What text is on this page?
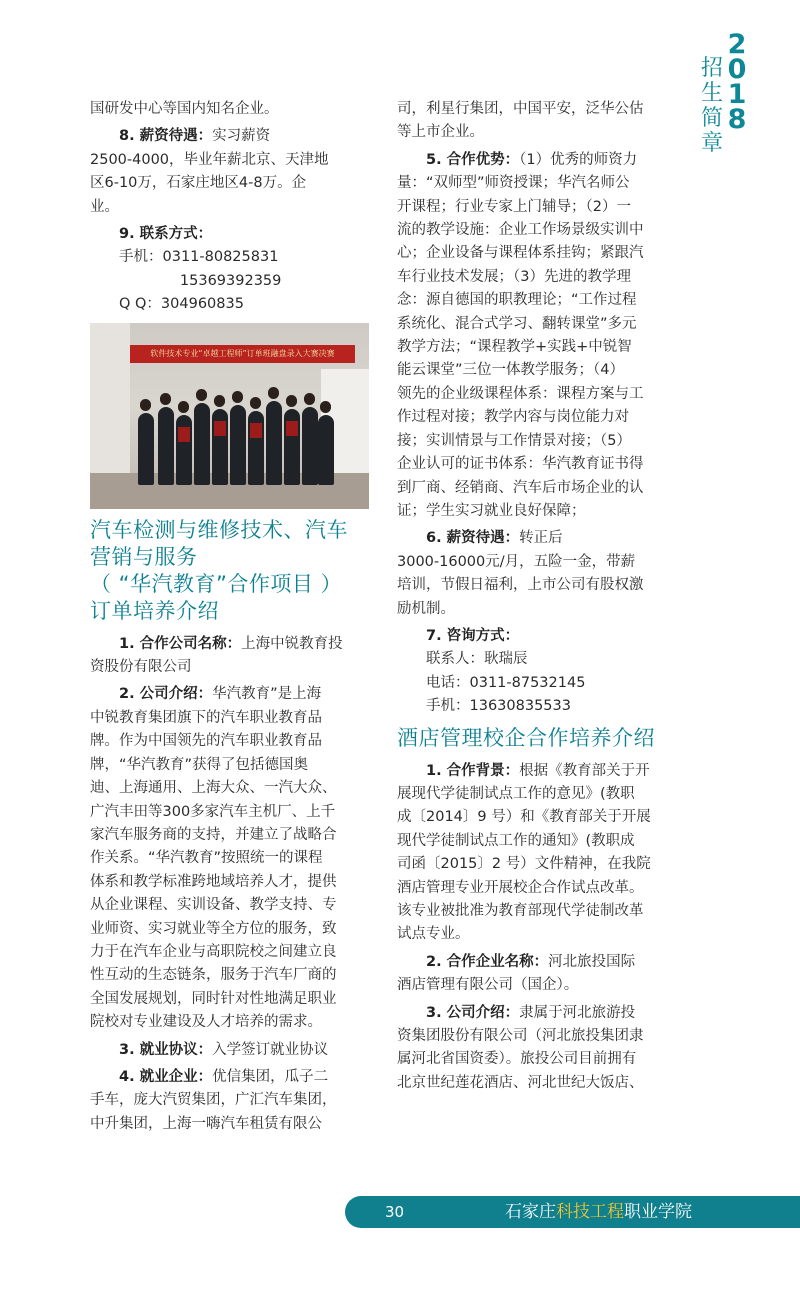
2
0
1
8
招
生
简
章

国研发中心等国内知名企业。

8. 薪资待遇：实习薪资
2500-4000，毕业年薪北京、天津地
区6-10万，石家庄地区4-8万。企
业。

9. 联系方式：
手机：0311-80825831
15369392359
Q Q：304960835

软件技术专业“卓越工程师”订单班融盘录入大赛决赛
汽车检测与维修技术、汽车
营销与服务
（ “华汽教育”合作项目 ）
订单培养介绍

1. 合作公司名称：上海中锐教育投
资股份有限公司

2. 公司介绍：华汽教育”是上海
中锐教育集团旗下的汽车职业教育品
牌。作为中国领先的汽车职业教育品
牌，“华汽教育”获得了包括德国奥
迪、上海通用、上海大众、一汽大众、
广汽丰田等300多家汽车主机厂、上千
家汽车服务商的支持，并建立了战略合
作关系。“华汽教育”按照统一的课程
体系和教学标准跨地域培养人才，提供
从企业课程、实训设备、教学支持、专
业师资、实习就业等全方位的服务，致
力于在汽车企业与高职院校之间建立良
性互动的生态链条，服务于汽车厂商的
全国发展规划，同时针对性地满足职业
院校对专业建设及人才培养的需求。

3. 就业协议：入学签订就业协议

4. 就业企业：优信集团，瓜子二
手车，庞大汽贸集团，广汇汽车集团，
中升集团，上海一嗨汽车租赁有限公

司，利星行集团，中国平安，泛华公估
等上市企业。

5. 合作优势：（1）优秀的师资力
量：“双师型”师资授课；华汽名师公
开课程；行业专家上门辅导；（2）一
流的教学设施：企业工作场景级实训中
心；企业设备与课程体系挂钩；紧跟汽
车行业技术发展；（3）先进的教学理
念：源自德国的职教理论；“工作过程
系统化、混合式学习、翻转课堂”多元
教学方法；“课程教学+实践+中锐智
能云课堂”三位一体教学服务；（4）
领先的企业级课程体系：课程方案与工
作过程对接；教学内容与岗位能力对
接；实训情景与工作情景对接；（5）
企业认可的证书体系：华汽教育证书得
到厂商、经销商、汽车后市场企业的认
证；学生实习就业良好保障；

6. 薪资待遇：转正后
3000-16000元/月，五险一金，带薪
培训，节假日福利，上市公司有股权激
励机制。

7. 咨询方式：
联系人：耿瑞辰
电话：0311-87532145
手机：13630835533

酒店管理校企合作培养介绍

1. 合作背景：根据《教育部关于开
展现代学徒制试点工作的意见》(教职
成〔2014〕9 号）和《教育部关于开展
现代学徒制试点工作的通知》(教职成
司函〔2015〕2 号）文件精神，在我院
酒店管理专业开展校企合作试点改革。
该专业被批准为教育部现代学徒制改革
试点专业。

2. 合作企业名称：河北旅投国际
酒店管理有限公司（国企）。

3. 公司介绍：隶属于河北旅游投
资集团股份有限公司（河北旅投集团隶
属河北省国资委）。旅投公司目前拥有
北京世纪莲花酒店、河北世纪大饭店、

30	石家庄科技工程职业学院
